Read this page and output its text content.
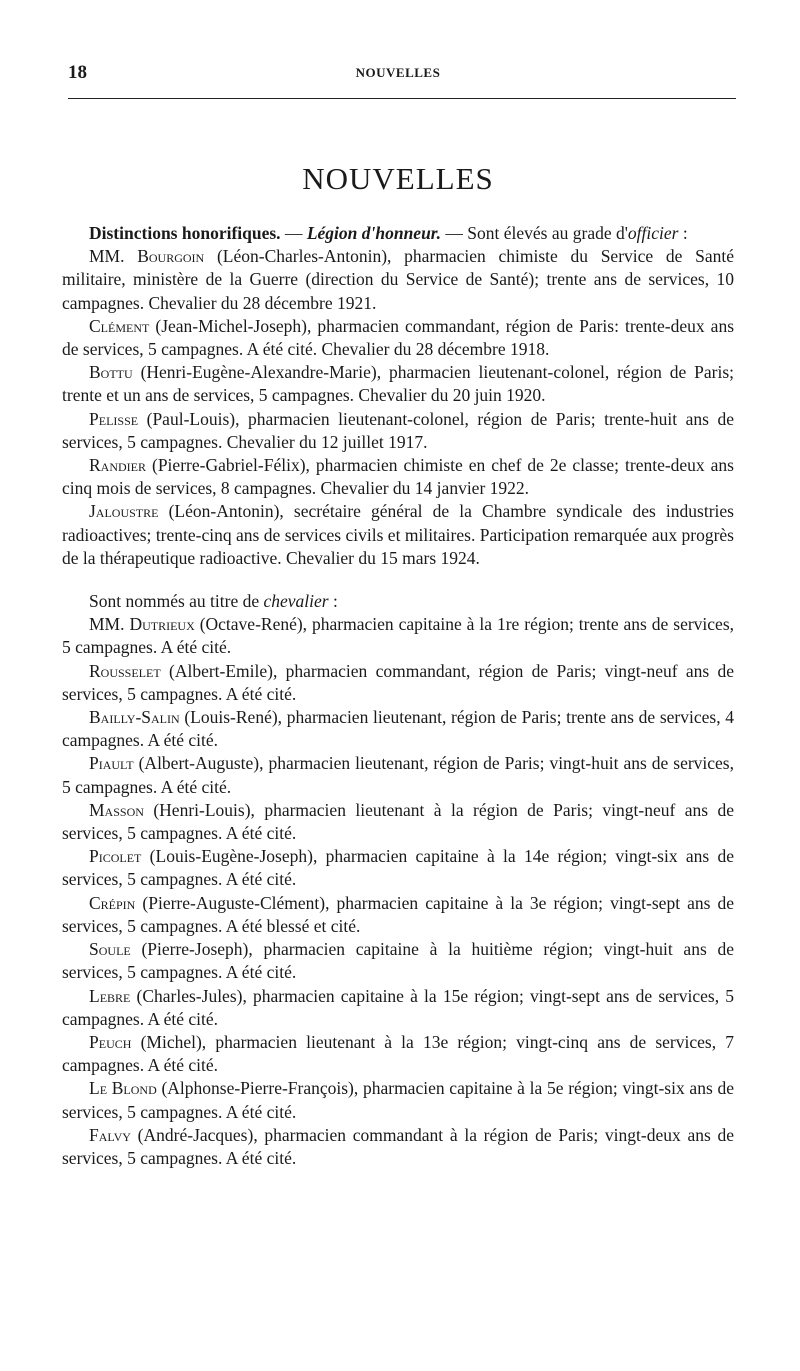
18	NOUVELLES
NOUVELLES

Distinctions honorifiques. — Légion d'honneur. — Sont élevés au grade d'officier :

MM. Bourgoin (Léon-Charles-Antonin), pharmacien chimiste du Service de Santé militaire, ministère de la Guerre (direction du Service de Santé); trente ans de services, 10 campagnes. Chevalier du 28 décembre 1921.

Clément (Jean-Michel-Joseph), pharmacien commandant, région de Paris: trente-deux ans de services, 5 campagnes. A été cité. Chevalier du 28 décembre 1918.

Bottu (Henri-Eugène-Alexandre-Marie), pharmacien lieutenant-colonel, région de Paris; trente et un ans de services, 5 campagnes. Chevalier du 20 juin 1920.

Pelisse (Paul-Louis), pharmacien lieutenant-colonel, région de Paris; trente-huit ans de services, 5 campagnes. Chevalier du 12 juillet 1917.

Randier (Pierre-Gabriel-Félix), pharmacien chimiste en chef de 2e classe; trente-deux ans cinq mois de services, 8 campagnes. Chevalier du 14 janvier 1922.

Jaloustre (Léon-Antonin), secrétaire général de la Chambre syndicale des industries radioactives; trente-cinq ans de services civils et militaires. Participation remarquée aux progrès de la thérapeutique radioactive. Chevalier du 15 mars 1924.

Sont nommés au titre de chevalier :

MM. Dutrieux (Octave-René), pharmacien capitaine à la 1re région; trente ans de services, 5 campagnes. A été cité.

Rousselet (Albert-Emile), pharmacien commandant, région de Paris; vingt-neuf ans de services, 5 campagnes. A été cité.

Bailly-Salin (Louis-René), pharmacien lieutenant, région de Paris; trente ans de services, 4 campagnes. A été cité.

Piault (Albert-Auguste), pharmacien lieutenant, région de Paris; vingt-huit ans de services, 5 campagnes. A été cité.

Masson (Henri-Louis), pharmacien lieutenant à la région de Paris; vingt-neuf ans de services, 5 campagnes. A été cité.

Picolet (Louis-Eugène-Joseph), pharmacien capitaine à la 14e région; vingt-six ans de services, 5 campagnes. A été cité.

Crépin (Pierre-Auguste-Clément), pharmacien capitaine à la 3e région; vingt-sept ans de services, 5 campagnes. A été blessé et cité.

Soule (Pierre-Joseph), pharmacien capitaine à la huitième région; vingt-huit ans de services, 5 campagnes. A été cité.

Lebre (Charles-Jules), pharmacien capitaine à la 15e région; vingt-sept ans de services, 5 campagnes. A été cité.

Peuch (Michel), pharmacien lieutenant à la 13e région; vingt-cinq ans de services, 7 campagnes. A été cité.

Le Blond (Alphonse-Pierre-François), pharmacien capitaine à la 5e région; vingt-six ans de services, 5 campagnes. A été cité.

Falvy (André-Jacques), pharmacien commandant à la région de Paris; vingt-deux ans de services, 5 campagnes. A été cité.
